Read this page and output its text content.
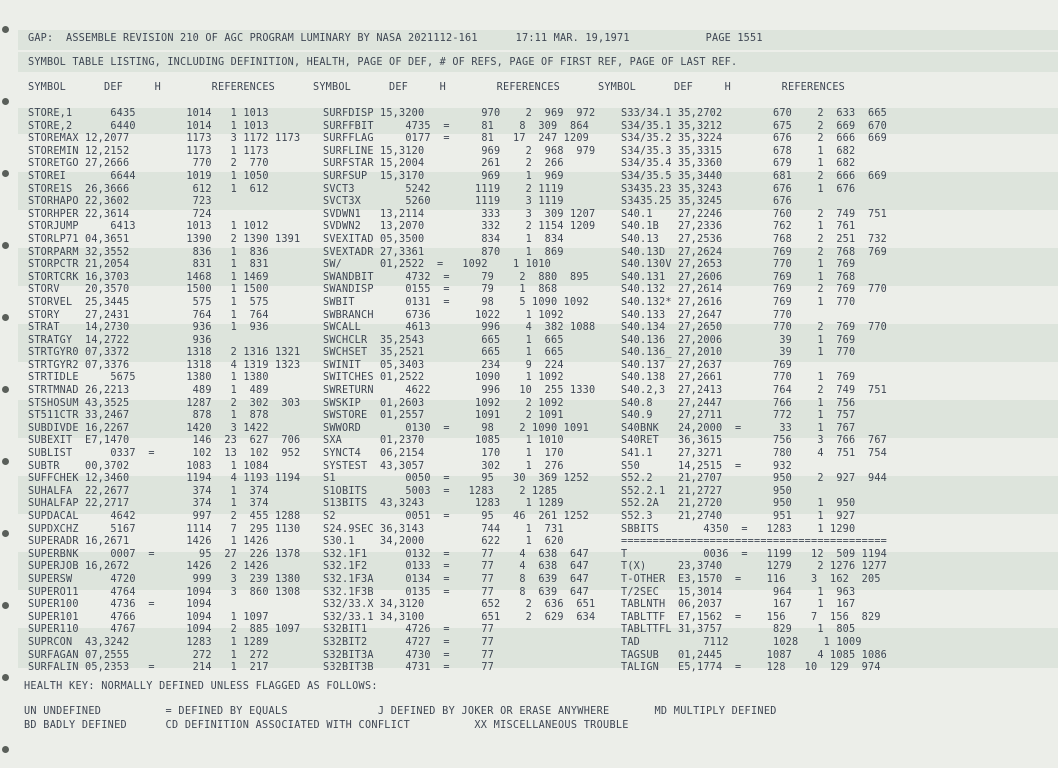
GAP:  ASSEMBLE REVISION 210 OF AGC PROGRAM LUMINARY BY NASA 2021112-161      17:11 MAR. 19,1971            PAGE 1551
SYMBOL TABLE LISTING, INCLUDING DEFINITION, HEALTH, PAGE OF DEF, # OF REFS, PAGE OF FIRST REF, PAGE OF LAST REF.
SYMBOL      DEF     H        REFERENCES      SYMBOL      DEF     H        REFERENCES      SYMBOL      DEF     H        REFERENCES
STORE,1      6435        1014   1 1013 SURFDISP 15,3200         970    2  969  972 S33/34.1 35,2702        670    2  633  665
STORE,2      6440        1014   1 1013 SURFFBIT     4735  =     81    8  309  864	S34/35.1 35,3212        675    2  669  670
STOREMAX 12,2077         1173   3 1172 1173 SURFFLAG     0177  =     81   17  247 1209	S34/35.2 35,3224        676    2  666  669
STOREMIN 12,2152         1173   1 1173 SURFLINE 15,3120         969    2  968  979 S34/35.3 35,3315        678    1  682
STORETGO 27,2666          770   2  770 SURFSTAR 15,2004         261    2  266 S34/35.4 35,3360        679    1  682
STOREI       6644        1019   1 1050 SURFSUP  15,3170         969    1  969 S34/35.5 35,3440        681    2  666  669
STORE1S  26,3666          612   1  612 SVCT3        5242       1119    2 1119 S3435.23 35,3243        676    1  676
STORHAPO 22,3602          723 SVCT3X       5260       1119    3 1119 S3435.25 35,3245        676
STORHPER 22,3614          724 SVDWN1   13,2114         333    3  309 1207 S40.1    27,2246        760    2  749  751
STORJUMP     6413        1013   1 1012 SVDWN2   13,2070         332    2 1154 1209 S40.1B   27,2336        762    1  761
STORLP71 04,3651         1390   2 1390 1391 SVEXITAD 05,3500         834    1  834 S40.13   27,2536        768    2  251  732
STORPARM 32,3552          836   1  836 SVEXTADR 27,3361         870    1  869 S40.13D  27,2624        769    2  768  769
STORPCTR 21,2054          831   1  831 SW/      01,2522  =   1092    1 1010	S40.130V 27,2653        770    1  769
STORTCRK 16,3703         1468   1 1469 SWANDBIT     4732  =     79    2  880  895	S40.131  27,2606        769    1  768
STORV    20,3570         1500   1 1500 SWANDISP     0155  =     79    1  868	S40.132  27,2614        769    2  769  770
STORVEL  25,3445          575   1  575 SWBIT        0131  =     98    5 1090 1092	S40.132* 27,2616        769    1  770
STORY    27,2431          764   1  764 SWBRANCH     6736       1022    1 1092 S40.133  27,2647        770
STRAT    14,2730          936   1  936 SWCALL       4613        996    4  382 1088 S40.134  27,2650        770    2  769  770
STRATGY  14,2722          936 SWCHCLR  35,2543         665    1  665 S40.136  27,2006         39    1  769
STRTGYR0 07,3372         1318   2 1316 1321 SWCHSET  35,2521         665    1  665 S40.136_ 27,2010         39    1  770
STRTGYR2 07,3376         1318   4 1319 1323 SWINIT   05,3403         234    9  224 S40.137  27,2637        769
STRTIDLE     5675        1380   1 1380 SWITCHES 01,2522        1090    1 1092 S40.138  27,2661        770    1  769
STRTMNAD 26,2213          489   1  489 SWRETURN     4622        996   10  255 1330 S40.2,3  27,2413        764    2  749  751
STSHOSUM 43,3525         1287   2  302  303 SWSKIP   01,2603        1092    2 1092 S40.8    27,2447        766    1  756
ST511CTR 33,2467          878   1  878 SWSTORE  01,2557        1091    2 1091 S40.9    27,2711        772    1  757
SUBDIVDE 16,2267         1420   3 1422 SWWORD       0130  =     98    2 1090 1091	S40BNK   24,2000  =      33    1  767
SUBEXIT  E7,1470          146  23  627  706 SXA      01,2370        1085    1 1010 S40RET   36,3615        756    3  766  767
SUBLIST      0337  =      102  13  102  952 SYNCT4   06,2154         170    1  170 S41.1    27,3271        780    4  751  754
SUBTR    00,3702         1083   1 1084 SYSTEST  43,3057         302    1  276 S50      14,2515  =     932
SUFFCHEK 12,3460         1194   4 1193 1194 S1           0050  =     95   30  369 1252	S52.2    21,2707        950    2  927  944
SUHALFA  22,2677          374   1  374 S1OBITS      5003  =   1283    2 1285	S52.2.1  21,2727        950
SUHALFAP 22,2717          374   1  374 S13BITS  43,3243        1283    1 1289 S52.2A   21,2720        950    1  950
SUPDACAL     4642         997   2  455 1288 S2           0051  =     95   46  261 1252	S52.3    21,2740        951    1  927
SUPDXCHZ     5167        1114   7  295 1130 S24.9SEC 36,3143         744    1  731 SBBITS       4350  =   1283    1 1290
SUPERADR 16,2671         1426   1 1426 S30.1    34,2000         622    1  620 ==========================================
SUPERBNK     0007  =       95  27  226 1378 S32.1F1      0132  =     77    4  638  647	T            0036  =   1199   12  509 1194
SUPERJOB 16,2672         1426   2 1426 S32.1F2      0133  =     77    4  638  647	T(X)     23,3740       1279    2 1276 1277
SUPERSW      4720         999   3  239 1380 S32.1F3A     0134  =     77    8  639  647	T-OTHER  E3,1570  =    116    3  162  205
SUPERO11     4764        1094   3  860 1308 S32.1F3B     0135  =     77    8  639  647	T/2SEC   15,3014        964    1  963
SUPER100     4736  =     1094 S32/33.X 34,3120         652    2  636  651 TABLNTH  06,2037        167    1  167
SUPER101     4766        1094   1 1097 S32/33.1 34,3100         651    2  629  634 TABLTTF  E7,1562  =    156    7  156  829
SUPER110     4767        1094   2  885 1097 S32BIT1      4726  =     77 TABLTTFL 31,3757        829    1  805
SUPRCON  43,3242         1283   1 1289 S32BIT2      4727  =     77 TAD          7112       1028    1 1009
SURFAGAN 07,2555          272   1  272 S32BIT3A     4730  =     77 TAGSUB   01,2445       1087    4 1085 1086
SURFALIN 05,2353   =      214   1  217 S32BIT3B     4731  =     77 TALIGN   E5,1774  =    128   10  129  974
HEALTH KEY: NORMALLY DEFINED UNLESS FLAGGED AS FOLLOWS:
UN UNDEFINED          = DEFINED BY EQUALS              J DEFINED BY JOKER OR ERASE ANYWHERE       MD MULTIPLY DEFINED
BD BADLY DEFINED      CD DEFINITION ASSOCIATED WITH CONFLICT          XX MISCELLANEOUS TROUBLE
